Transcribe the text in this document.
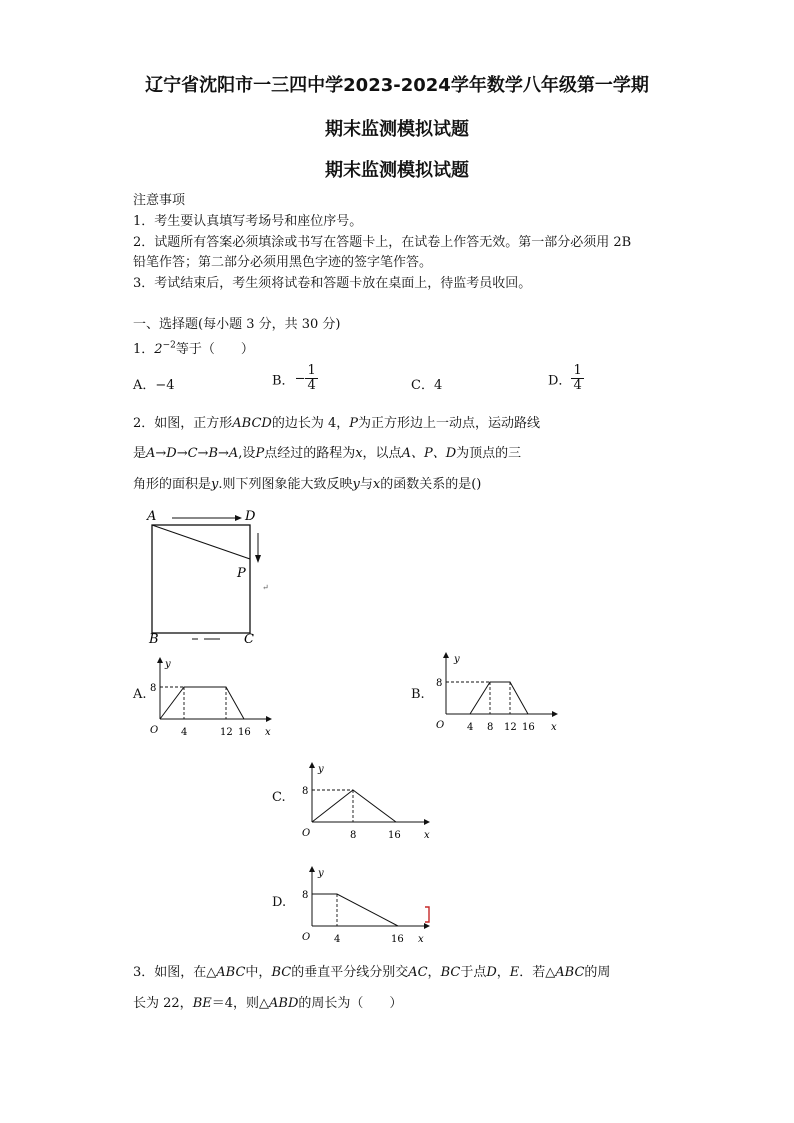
辽宁省沈阳市一三四中学2023-2024学年数学八年级第一学期
期末监测模拟试题
期末监测模拟试题
注意事项
1．考生要认真填写考场号和座位序号。
2．试题所有答案必须填涂或书写在答题卡上，在试卷上作答无效。第一部分必须用 2B
铅笔作答；第二部分必须用黑色字迹的签字笔作答。
3．考试结束后，考生须将试卷和答题卡放在桌面上，待监考员收回。
一、选择题(每小题 3 分，共 30 分)
1．$2^{-2}$等于（　　）
A．−4	B．− $\frac{1}{4}$	C．4	D． $\frac{1}{4}$
2．如图，正方形ABCD的边长为 4，P为正方形边上一动点，运动路线
是A→D→C→B→A,设P点经过的路程为x，以点A、P、D为顶点的三
角形的面积是y.则下列图象能大致反映y与x的函数关系的是()
↵
A	D
P
B	C
A.
y
x
O
8
4	12 16
B.
y
x
O
8
4 8 12 16
C.
y
x
O
8
8	16
D.
y
x
O
8
4	16
3．如图，在△ABC中，BC的垂直平分线分别交AC，BC于点D，E．若△ABC的周
长为 22，BE＝4，则△ABD的周长为（　　）
